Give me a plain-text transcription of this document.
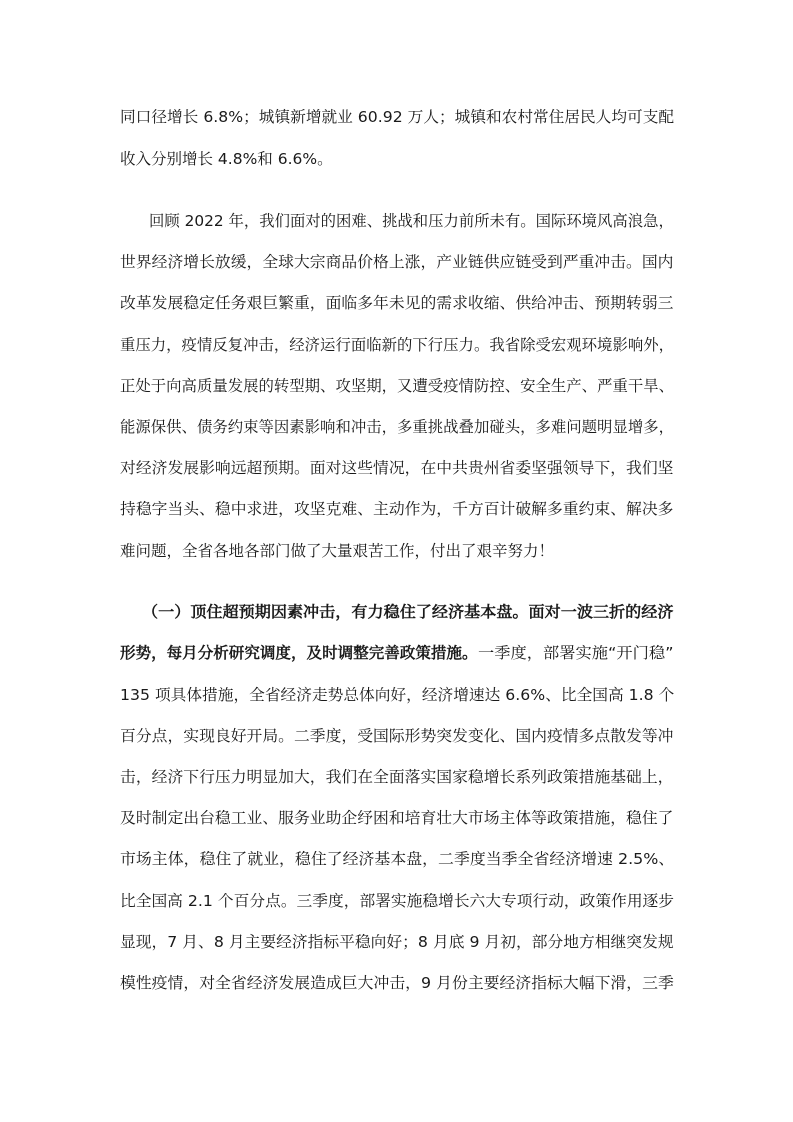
同口径增长 6.8%；城镇新增就业 60.92 万人；城镇和农村常住居民人均可支配
收入分别增长 4.8%和 6.6%。
回顾 2022 年，我们面对的困难、挑战和压力前所未有。国际环境风高浪急，
世界经济增长放缓，全球大宗商品价格上涨，产业链供应链受到严重冲击。国内
改革发展稳定任务艰巨繁重，面临多年未见的需求收缩、供给冲击、预期转弱三
重压力，疫情反复冲击，经济运行面临新的下行压力。我省除受宏观环境影响外，
正处于向高质量发展的转型期、攻坚期，又遭受疫情防控、安全生产、严重干旱、
能源保供、债务约束等因素影响和冲击，多重挑战叠加碰头，多难问题明显增多，
对经济发展影响远超预期。面对这些情况，在中共贵州省委坚强领导下，我们坚
持稳字当头、稳中求进，攻坚克难、主动作为，千方百计破解多重约束、解决多
难问题，全省各地各部门做了大量艰苦工作，付出了艰辛努力！
（一）顶住超预期因素冲击，有力稳住了经济基本盘。面对一波三折的经济
形势，每月分析研究调度，及时调整完善政策措施。 一季度，部署实施“开门稳”
135 项具体措施，全省经济走势总体向好，经济增速达 6.6%、比全国高 1.8 个
百分点，实现良好开局。二季度，受国际形势突发变化、国内疫情多点散发等冲
击，经济下行压力明显加大，我们在全面落实国家稳增长系列政策措施基础上，
及时制定出台稳工业、服务业助企纾困和培育壮大市场主体等政策措施，稳住了
市场主体，稳住了就业，稳住了经济基本盘，二季度当季全省经济增速 2.5%、
比全国高 2.1 个百分点。三季度，部署实施稳增长六大专项行动，政策作用逐步
显现，7 月、8 月主要经济指标平稳向好；8 月底 9 月初，部分地方相继突发规
模性疫情，对全省经济发展造成巨大冲击，9 月份主要经济指标大幅下滑，三季
